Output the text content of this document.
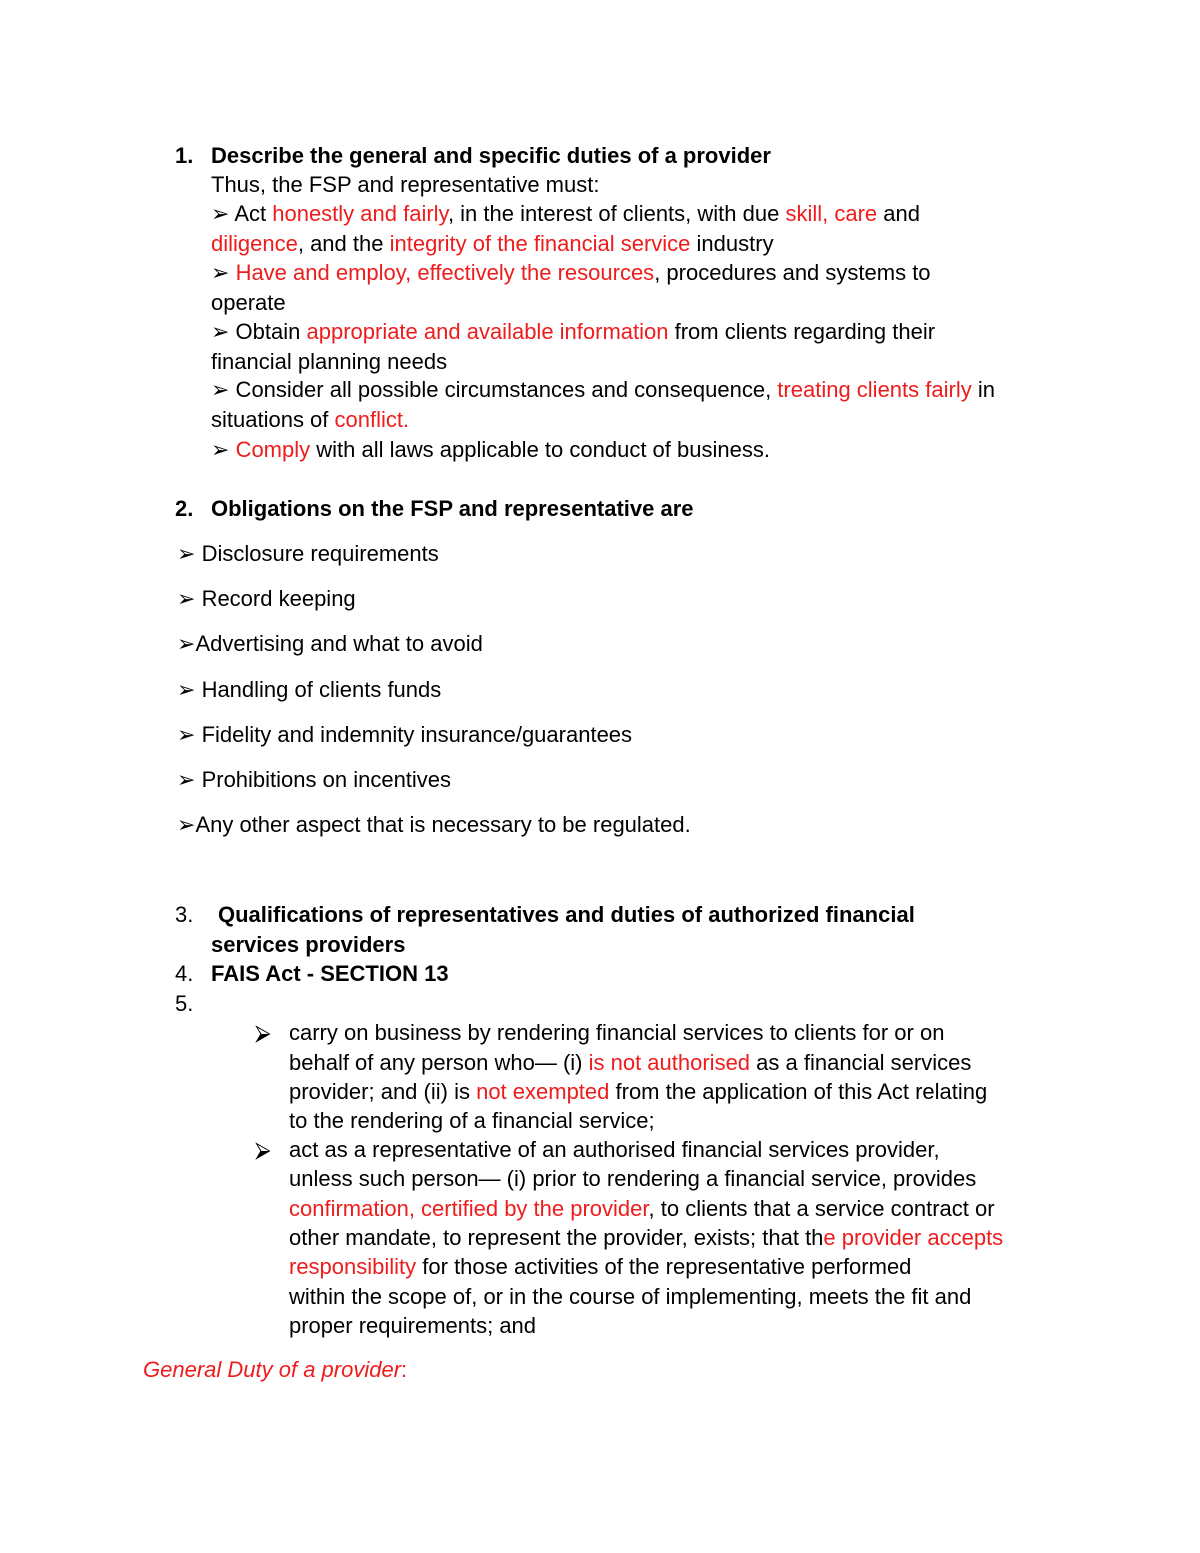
1. Describe the general and specific duties of a provider
Thus, the FSP and representative must:
➢ Act honestly and fairly, in the interest of clients, with due skill, care and
diligence, and the integrity of the financial service industry
➢ Have and employ, effectively the resources, procedures and systems to
operate
➢ Obtain appropriate and available information from clients regarding their
financial planning needs
➢ Consider all possible circumstances and consequence, treating clients fairly in
situations of conflict.
➢ Comply with all laws applicable to conduct of business.
2. Obligations on the FSP and representative are
➢ Disclosure requirements
➢ Record keeping
➢Advertising and what to avoid
➢ Handling of clients funds
➢ Fidelity and indemnity insurance/guarantees
➢ Prohibitions on incentives
➢Any other aspect that is necessary to be regulated.
3. Qualifications of representatives and duties of authorized financial
services providers
4. FAIS Act - SECTION 13
5.
⮚ carry on business by rendering financial services to clients for or on
behalf of any person who— (i) is not authorised as a financial services
provider; and (ii) is not exempted from the application of this Act relating
to the rendering of a financial service;
⮚ act as a representative of an authorised financial services provider,
unless such person— (i) prior to rendering a financial service, provides
confirmation, certified by the provider, to clients that a service contract or
other mandate, to represent the provider, exists; that the provider accepts
responsibility for those activities of the representative performed
within the scope of, or in the course of implementing, meets the fit and
proper requirements; and
General Duty of a provider:
